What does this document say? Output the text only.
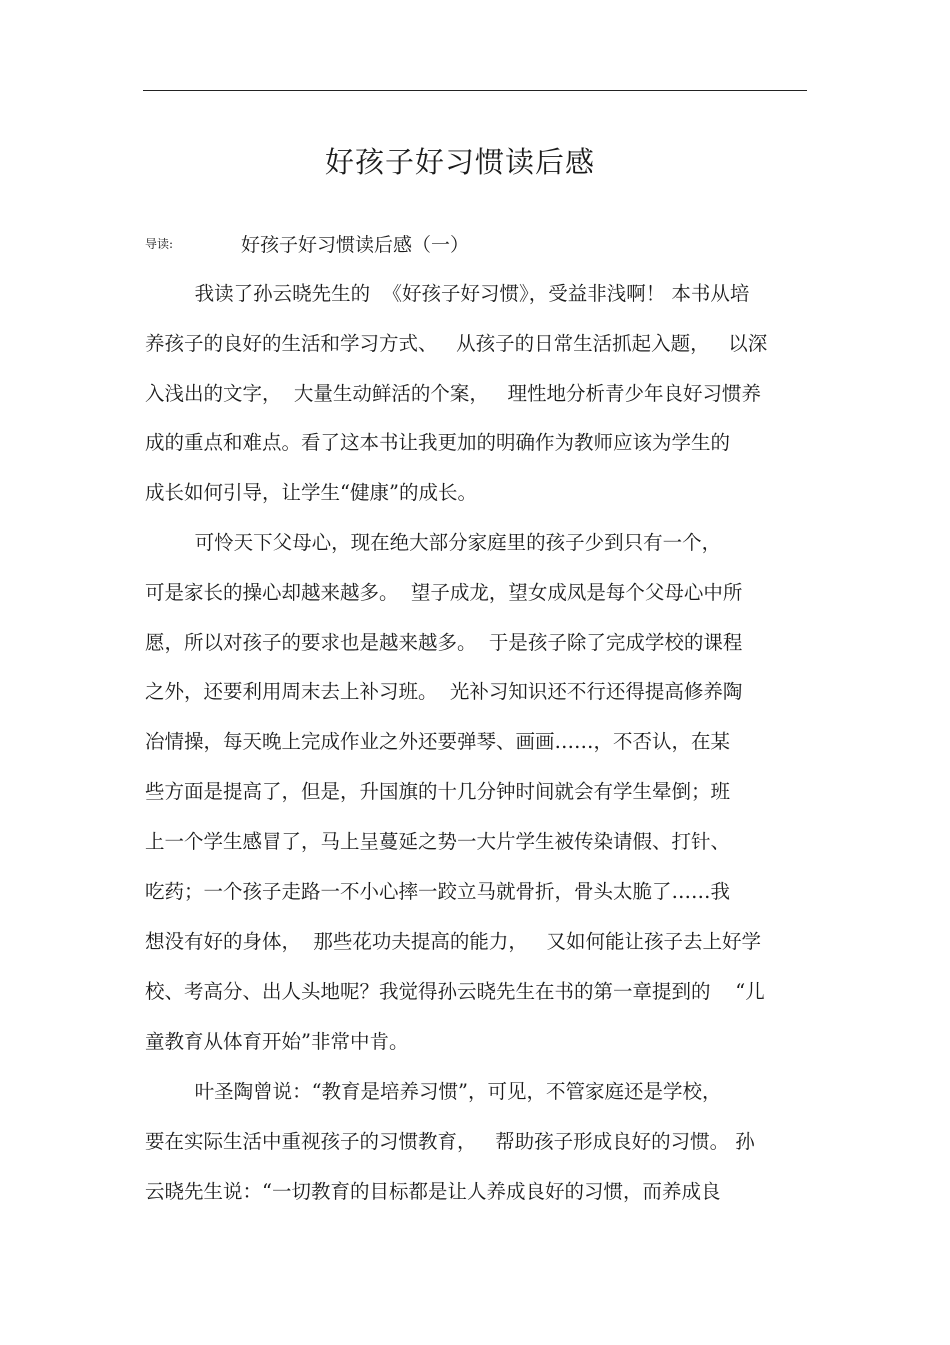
好孩子好习惯读后感
导读:	好孩子好习惯读后感（一）
我读了孙云晓先生的  《好孩子好习惯》，受益非浅啊！ 本书从培
养孩子的良好的生活和学习方式、   从孩子的日常生活抓起入题，   以深
入浅出的文字，  大量生动鲜活的个案，   理性地分析青少年良好习惯养
成的重点和难点。看了这本书让我更加的明确作为教师应该为学生的
成长如何引导，让学生“健康”的成长。
可怜天下父母心，现在绝大部分家庭里的孩子少到只有一个，
可是家长的操心却越来越多。  望子成龙，望女成凤是每个父母心中所
愿，所以对孩子的要求也是越来越多。  于是孩子除了完成学校的课程
之外，还要利用周末去上补习班。  光补习知识还不行还得提高修养陶
冶情操，每天晚上完成作业之外还要弹琴、画画……，不否认，在某
些方面是提高了，但是，升国旗的十几分钟时间就会有学生晕倒；班
上一个学生感冒了，马上呈蔓延之势一大片学生被传染请假、打针、
吃药；一个孩子走路一不小心摔一跤立马就骨折，骨头太脆了……我
想没有好的身体，  那些花功夫提高的能力，   又如何能让孩子去上好学
校、考高分、出人头地呢？我觉得孙云晓先生在书的第一章提到的    “儿
童教育从体育开始”非常中肯。
叶圣陶曾说：“教育是培养习惯”，可见，不管家庭还是学校，
要在实际生活中重视孩子的习惯教育，   帮助孩子形成良好的习惯。 孙
云晓先生说：“一切教育的目标都是让人养成良好的习惯，而养成良
